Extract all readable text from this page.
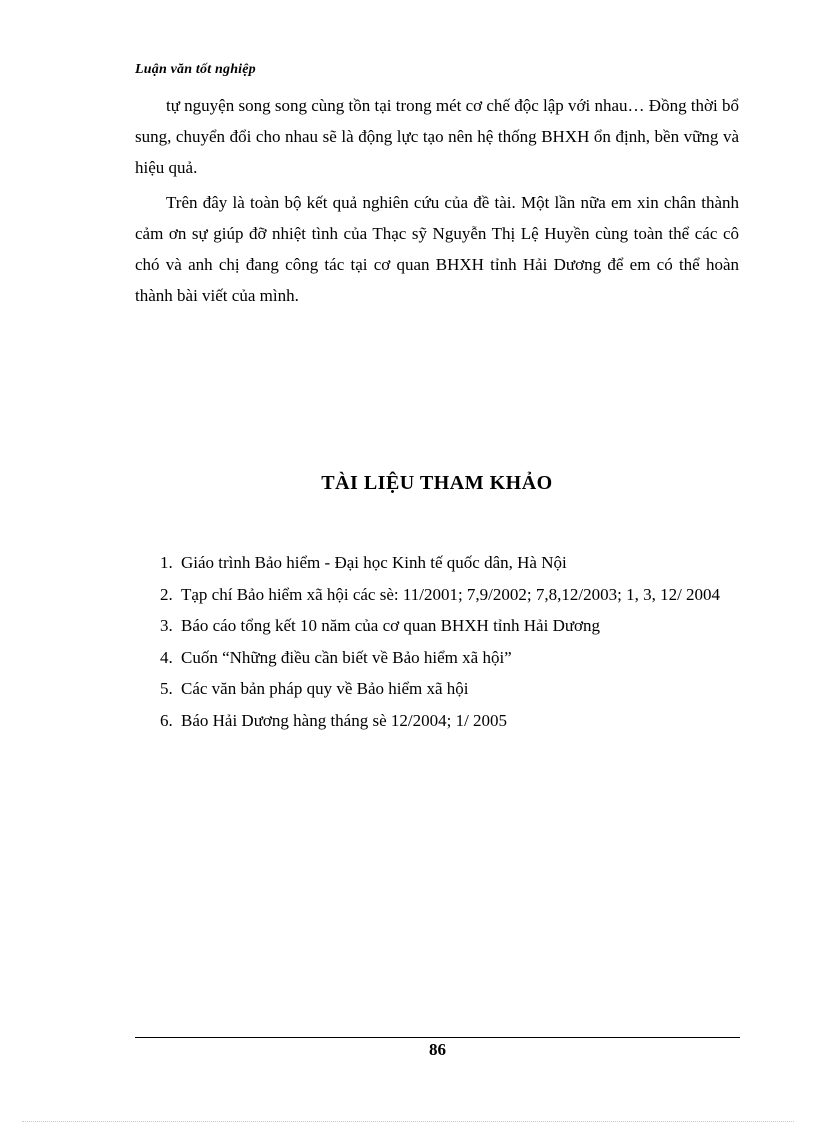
Luận văn tốt nghiệp

tự nguyện song song cùng tồn tại trong mét cơ chế độc lập với nhau… Đồng thời bổ sung, chuyển đổi cho nhau sẽ là động lực tạo nên hệ thống BHXH ổn định, bền vững và hiệu quả.

Trên đây là toàn bộ kết quả nghiên cứu của đề tài. Một lần nữa em xin chân thành cảm ơn sự giúp đỡ nhiệt tình của Thạc sỹ Nguyễn Thị Lệ Huyền cùng toàn thể các cô chó và anh chị đang công tác tại cơ quan BHXH tỉnh Hải Dương để em có thể hoàn thành bài viết của mình.

TÀI LIỆU THAM KHẢO
1. Giáo trình Bảo hiểm - Đại học Kinh tế quốc dân, Hà Nội
2. Tạp chí Bảo hiểm xã hội các sè: 11/2001; 7,9/2002; 7,8,12/2003; 1, 3, 12/ 2004
3. Báo cáo tổng kết 10 năm của cơ quan BHXH tỉnh Hải Dương
4. Cuốn “Những điều cần biết về Bảo hiểm xã hội”
5. Các văn bản pháp quy về Bảo hiểm xã hội
6. Báo Hải Dương hàng tháng sè 12/2004; 1/ 2005
86
